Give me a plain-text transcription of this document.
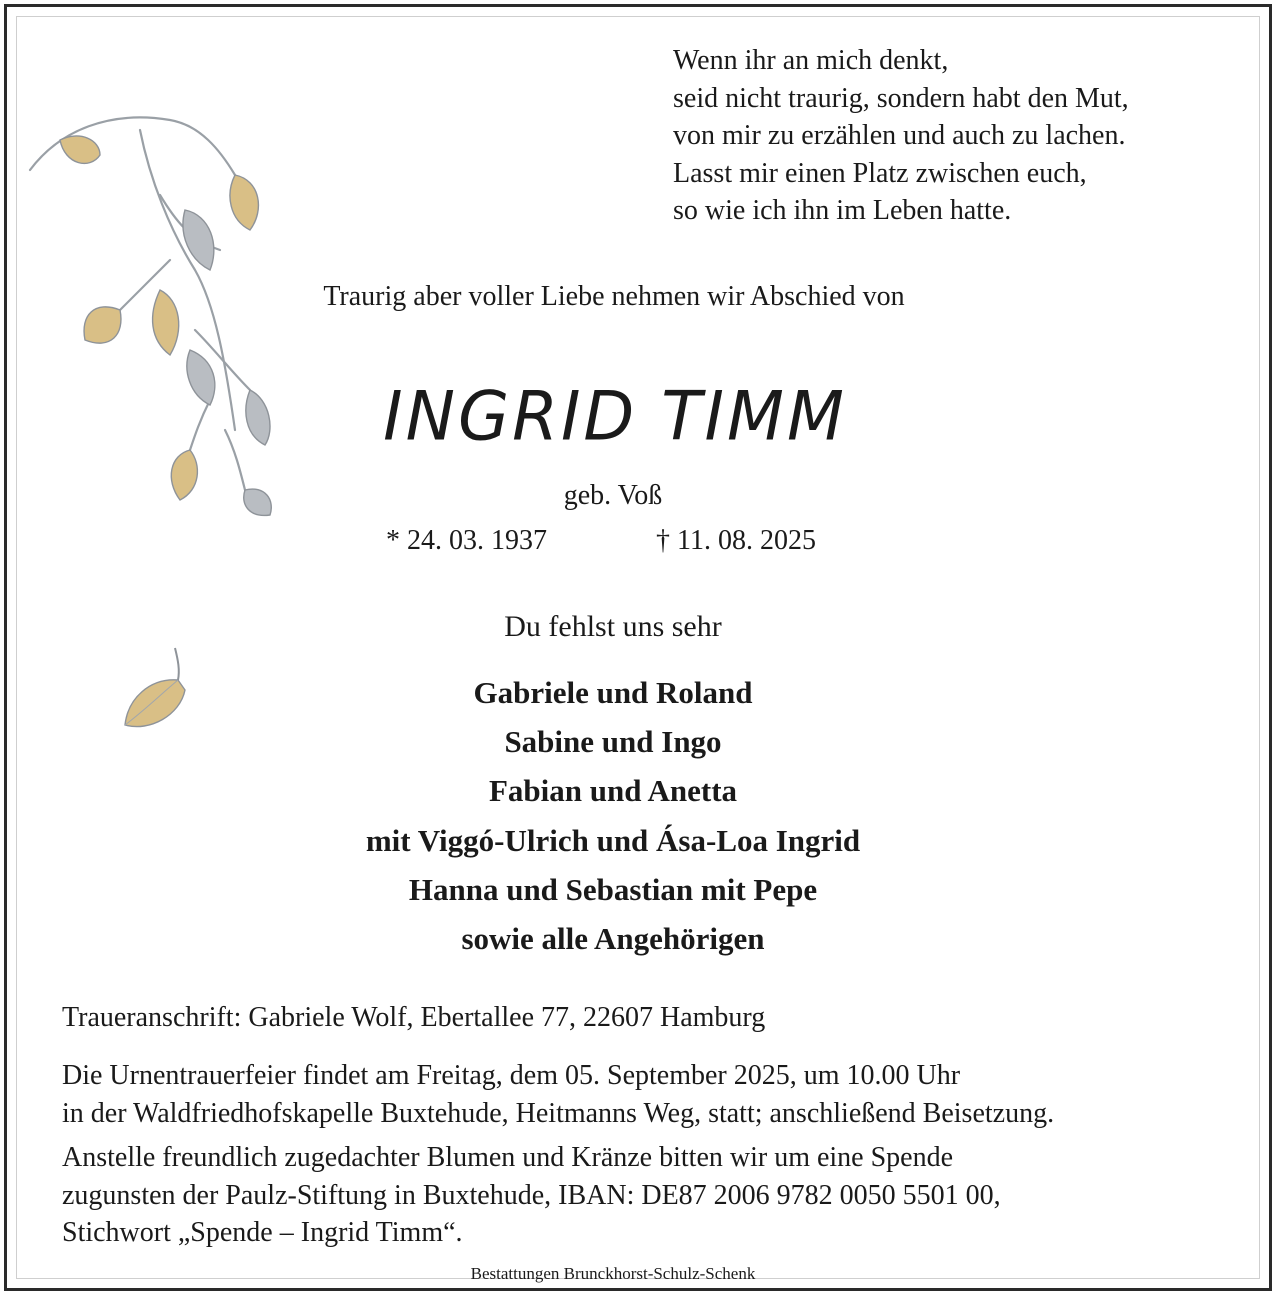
Wenn ihr an mich denkt,
seid nicht traurig, sondern habt den Mut,
von mir zu erzählen und auch zu lachen.
Lasst mir einen Platz zwischen euch,
so wie ich ihn im Leben hatte.
Traurig aber voller Liebe nehmen wir Abschied von
INGRID TIMM
geb. Voß
* 24. 03. 1937	† 11. 08. 2025
Du fehlst uns sehr
Gabriele und Roland
Sabine und Ingo
Fabian und Anetta
mit Viggó-Ulrich und Ása-Loa Ingrid
Hanna und Sebastian mit Pepe
sowie alle Angehörigen
Traueranschrift: Gabriele Wolf, Ebertallee 77, 22607 Hamburg
Die Urnentrauerfeier findet am Freitag, dem 05. September 2025, um 10.00 Uhr
in der Waldfriedhofskapelle Buxtehude, Heitmanns Weg, statt; anschließend Beisetzung.
Anstelle freundlich zugedachter Blumen und Kränze bitten wir um eine Spende
zugunsten der Paulz-Stiftung in Buxtehude, IBAN: DE87 2006 9782 0050 5501 00,
Stichwort „Spende – Ingrid Timm“.
Bestattungen Brunckhorst-Schulz-Schenk
